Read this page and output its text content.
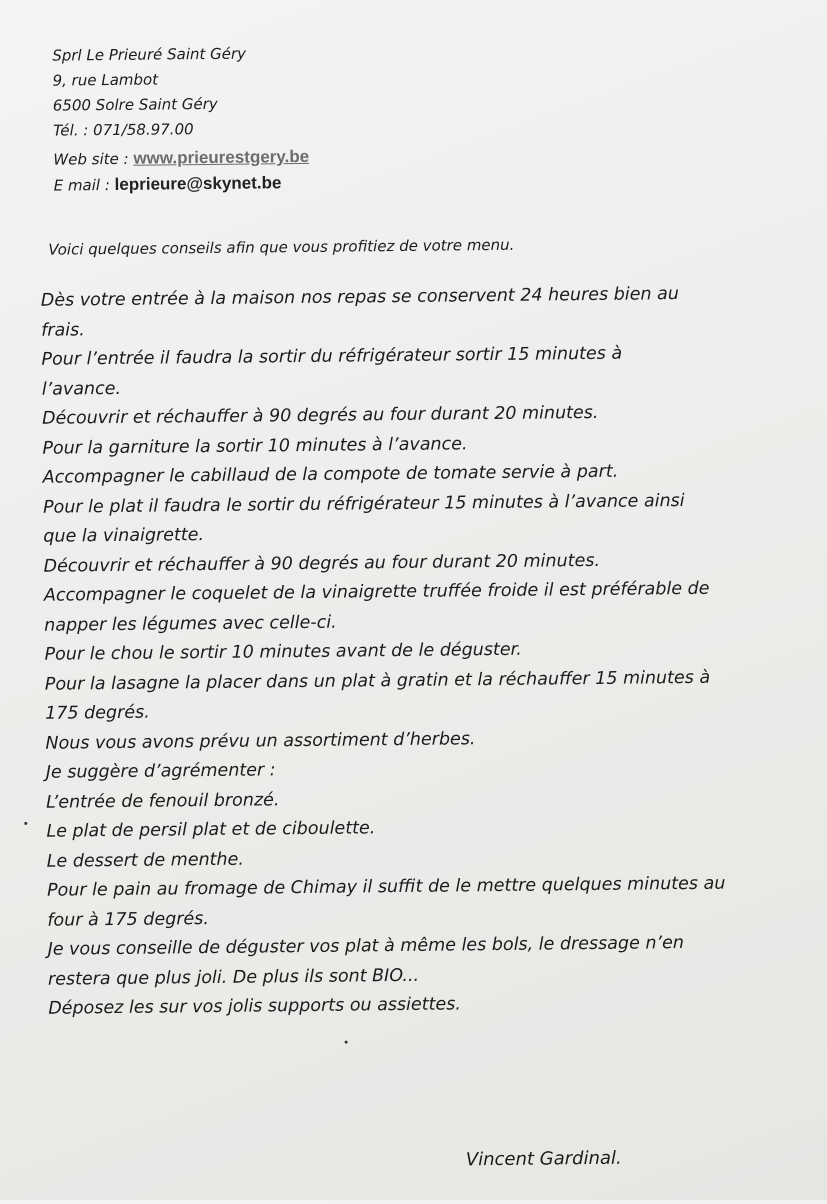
Sprl Le Prieuré Saint Géry
9, rue Lambot
6500 Solre Saint Géry
Tél. : 071/58.97.00
Web site : www.prieurestgery.be
E mail : leprieure@skynet.be
Voici quelques conseils afin que vous profitiez de votre menu.
Dès votre entrée à la maison nos repas se conservent 24 heures bien au
frais.
Pour l’entrée il faudra la sortir du réfrigérateur sortir 15 minutes à
l’avance.
Découvrir et réchauffer à 90 degrés au four durant 20 minutes.
Pour la garniture la sortir 10 minutes à l’avance.
Accompagner le cabillaud de la compote de tomate servie à part.
Pour le plat il faudra le sortir du réfrigérateur 15 minutes à l’avance ainsi
que la vinaigrette.
Découvrir et réchauffer à 90 degrés au four durant 20 minutes.
Accompagner le coquelet de la vinaigrette truffée froide il est préférable de
napper les légumes avec celle-ci.
Pour le chou le sortir 10 minutes avant de le déguster.
Pour la lasagne la placer dans un plat à gratin et la réchauffer 15 minutes à
175 degrés.
Nous vous avons prévu un assortiment d’herbes.
Je suggère d’agrémenter :
L’entrée de fenouil bronzé.
Le plat de persil plat et de ciboulette.
Le dessert de menthe.
Pour le pain au fromage de Chimay il suffit de le mettre quelques minutes au
four à 175 degrés.
Je vous conseille de déguster vos plat à même les bols, le dressage n’en
restera que plus joli. De plus ils sont BIO...
Déposez les sur vos jolis supports ou assiettes.
Vincent Gardinal.
